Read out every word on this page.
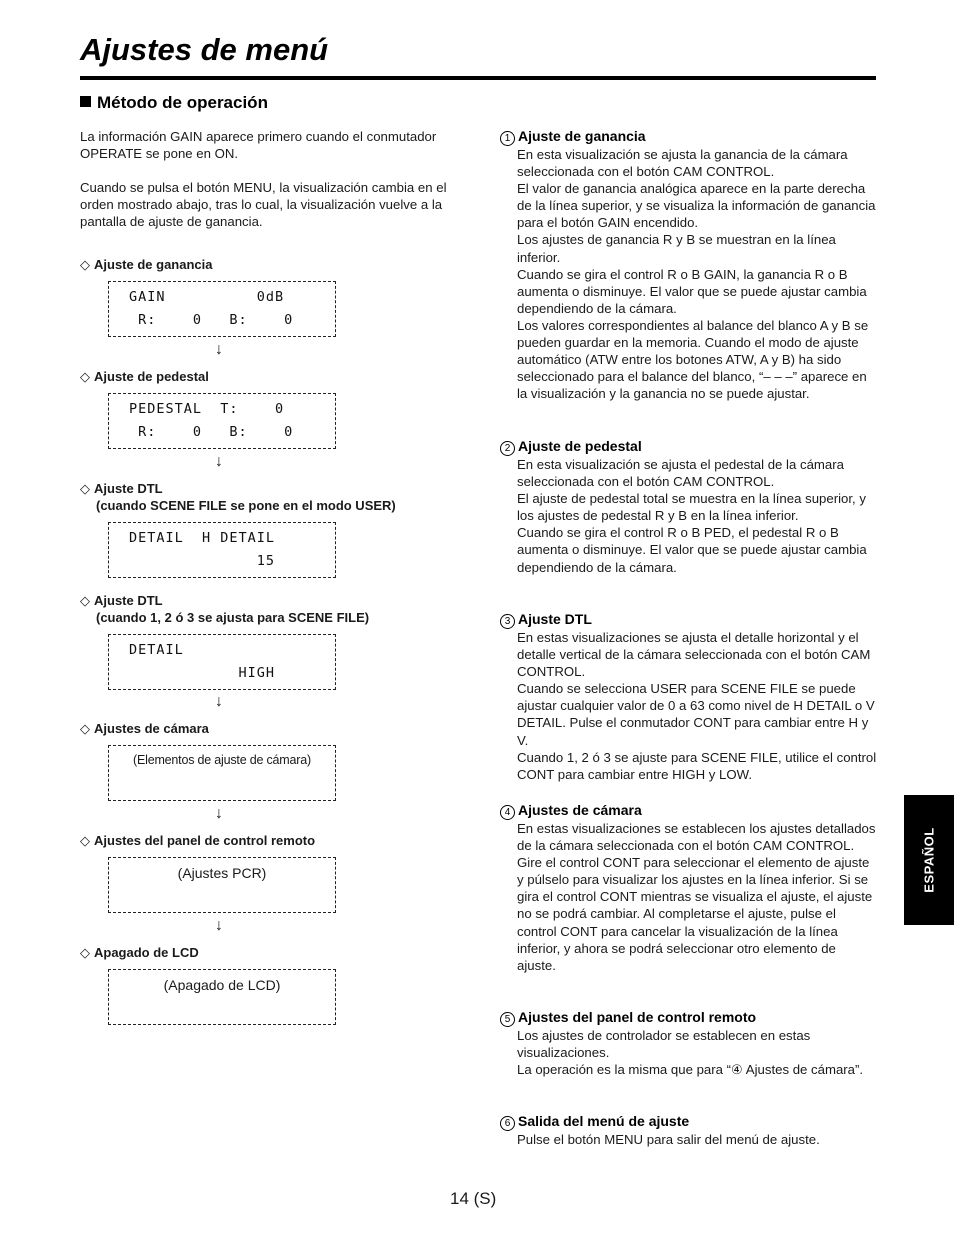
Ajustes de menú
Método de operación

La información GAIN aparece primero cuando el conmutador OPERATE se pone en ON.

Cuando se pulsa el botón MENU, la visualización cambia en el orden mostrado abajo, tras lo cual, la visualización vuelve a la pantalla de ajuste de ganancia.

◇ Ajuste de ganancia

GAIN          0dB

R:    0   B:    0

↓
◇ Ajuste de pedestal

PEDESTAL  T:    0

R:    0   B:    0

↓
◇ Ajuste DTL
(cuando SCENE FILE se pone en el modo USER)

DETAIL  H DETAIL

15

◇ Ajuste DTL
(cuando 1, 2 ó 3 se ajusta para SCENE FILE)

DETAIL

HIGH

↓
◇ Ajustes de cámara
(Elementos de ajuste de cámara)
↓
◇ Ajustes del panel de control remoto
(Ajustes PCR)
↓
◇ Apagado de LCD
(Apagado de LCD)

1 Ajuste de ganancia

En esta visualización se ajusta la ganancia de la cámara seleccionada con el botón CAM CONTROL.
El valor de ganancia analógica aparece en la parte derecha de la línea superior, y se visualiza la información de ganancia para el botón GAIN encendido.
Los ajustes de ganancia R y B se muestran en la línea inferior.
Cuando se gira el control R o B GAIN, la ganancia R o B aumenta o disminuye. El valor que se puede ajustar cambia dependiendo de la cámara.
Los valores correspondientes al balance del blanco A y B se pueden guardar en la memoria. Cuando el modo de ajuste automático (ATW entre los botones ATW, A y B) ha sido seleccionado para el balance del blanco, “– – –” aparece en la visualización y la ganancia no se puede ajustar.

2 Ajuste de pedestal

En esta visualización se ajusta el pedestal de la cámara seleccionada con el botón CAM CONTROL.
El ajuste de pedestal total se muestra en la línea superior, y los ajustes de pedestal R y B en la línea inferior.
Cuando se gira el control R o B PED, el pedestal R o B aumenta o disminuye. El valor que se puede ajustar cambia dependiendo de la cámara.

3 Ajuste DTL

En estas visualizaciones se ajusta el detalle horizontal y el detalle vertical de la cámara seleccionada con el botón CAM CONTROL.
Cuando se selecciona USER para SCENE FILE se puede ajustar cualquier valor de 0 a 63 como nivel de H DETAIL o V DETAIL. Pulse el conmutador CONT para cambiar entre H y V.
Cuando 1, 2 ó 3 se ajuste para SCENE FILE, utilice el control CONT para cambiar entre HIGH y LOW.

4 Ajustes de cámara

En estas visualizaciones se establecen los ajustes detallados de la cámara seleccionada con el botón CAM CONTROL.
Gire el control CONT para seleccionar el elemento de ajuste y púlselo para visualizar los ajustes en la línea inferior. Si se gira el control CONT mientras se visualiza el ajuste, el ajuste no se podrá cambiar. Al completarse el ajuste, pulse el control CONT para cancelar la visualización de la línea inferior, y ahora se podrá seleccionar otro elemento de ajuste.

5 Ajustes del panel de control remoto

Los ajustes de controlador se establecen en estas visualizaciones.
La operación es la misma que para “④ Ajustes de cámara”.

6 Salida del menú de ajuste

Pulse el botón MENU para salir del menú de ajuste.
ESPAÑOL

14 (S)
